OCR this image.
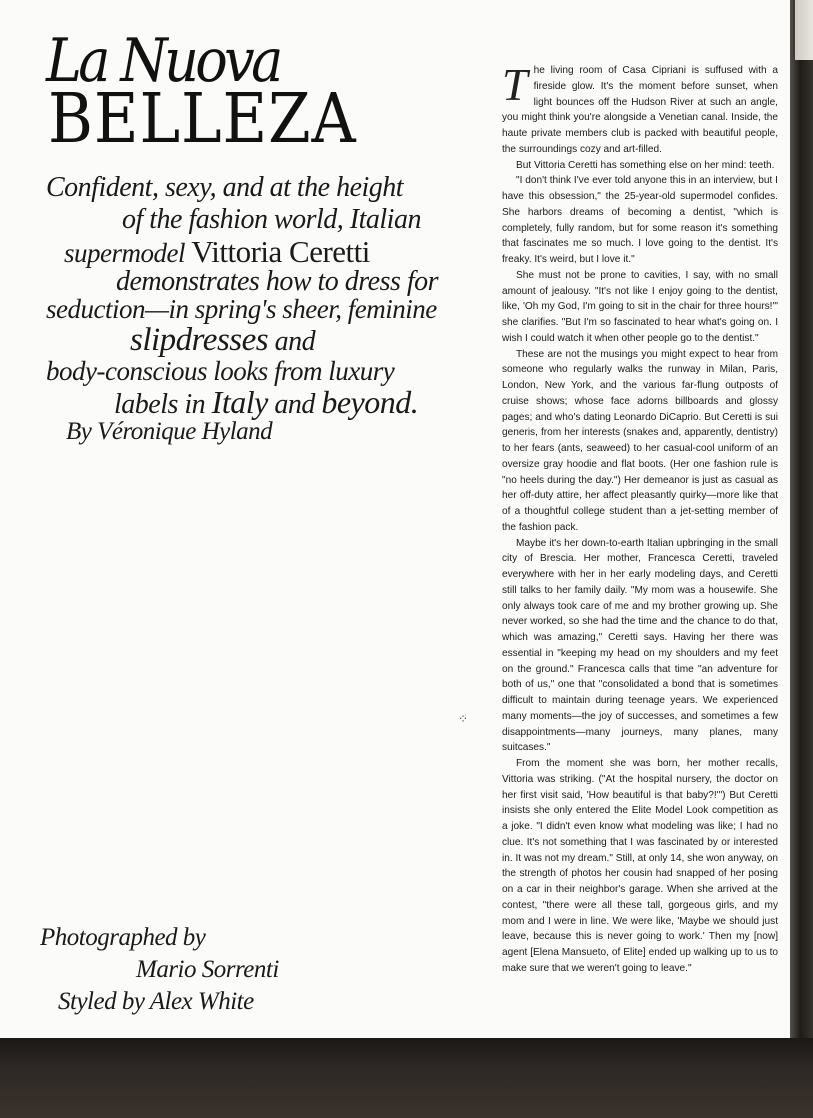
La Nuova
BELLEZA
Confident, sexy, and at the height
of the fashion world, Italian
supermodel Vittoria Ceretti
demonstrates how to dress for
seduction—in spring's sheer, feminine
slipdresses and
body-conscious looks from luxury
labels in Italy and beyond.
By Véronique Hyland
Photographed by
Mario Sorrenti
Styled by Alex White
⁘

The living room of Casa Cipriani is suffused with a fireside glow. It's the moment before sunset, when light bounces off the Hudson River at such an angle, you might think you're alongside a Venetian canal. Inside, the haute private members club is packed with beautiful people, the surroundings cozy and art-filled.

But Vittoria Ceretti has something else on her mind: teeth.

"I don't think I've ever told anyone this in an interview, but I have this obsession," the 25-year-old supermodel confides. She harbors dreams of becoming a dentist, "which is completely, fully random, but for some reason it's something that fascinates me so much. I love going to the dentist. It's freaky. It's weird, but I love it."

She must not be prone to cavities, I say, with no small amount of jealousy. "It's not like I enjoy going to the dentist, like, 'Oh my God, I'm going to sit in the chair for three hours!'" she clarifies. "But I'm so fascinated to hear what's going on. I wish I could watch it when other people go to the dentist."

These are not the musings you might expect to hear from someone who regularly walks the runway in Milan, Paris, London, New York, and the various far-flung outposts of cruise shows; whose face adorns billboards and glossy pages; and who's dating Leonardo DiCaprio. But Ceretti is sui generis, from her interests (snakes and, apparently, dentistry) to her fears (ants, seaweed) to her casual-cool uniform of an oversize gray hoodie and flat boots. (Her one fashion rule is "no heels during the day.") Her demeanor is just as casual as her off-duty attire, her affect pleasantly quirky—more like that of a thoughtful college student than a jet-setting member of the fashion pack.

Maybe it's her down-to-earth Italian upbringing in the small city of Brescia. Her mother, Francesca Ceretti, traveled everywhere with her in her early modeling days, and Ceretti still talks to her family daily. "My mom was a housewife. She only always took care of me and my brother growing up. She never worked, so she had the time and the chance to do that, which was amazing," Ceretti says. Having her there was essential in "keeping my head on my shoulders and my feet on the ground." Francesca calls that time "an adventure for both of us," one that "consolidated a bond that is sometimes difficult to maintain during teenage years. We experienced many moments—the joy of successes, and sometimes a few disappointments—many journeys, many planes, many suitcases."

From the moment she was born, her mother recalls, Vittoria was striking. ("At the hospital nursery, the doctor on her first visit said, 'How beautiful is that baby?!'") But Ceretti insists she only entered the Elite Model Look competition as a joke. "I didn't even know what modeling was like; I had no clue. It's not something that I was fascinated by or interested in. It was not my dream." Still, at only 14, she won anyway, on the strength of photos her cousin had snapped of her posing on a car in their neighbor's garage. When she arrived at the contest, "there were all these tall, gorgeous girls, and my mom and I were in line. We were like, 'Maybe we should just leave, because this is never going to work.' Then my [now] agent [Elena Mansueto, of Elite] ended up walking up to us to make sure that we weren't going to leave."
